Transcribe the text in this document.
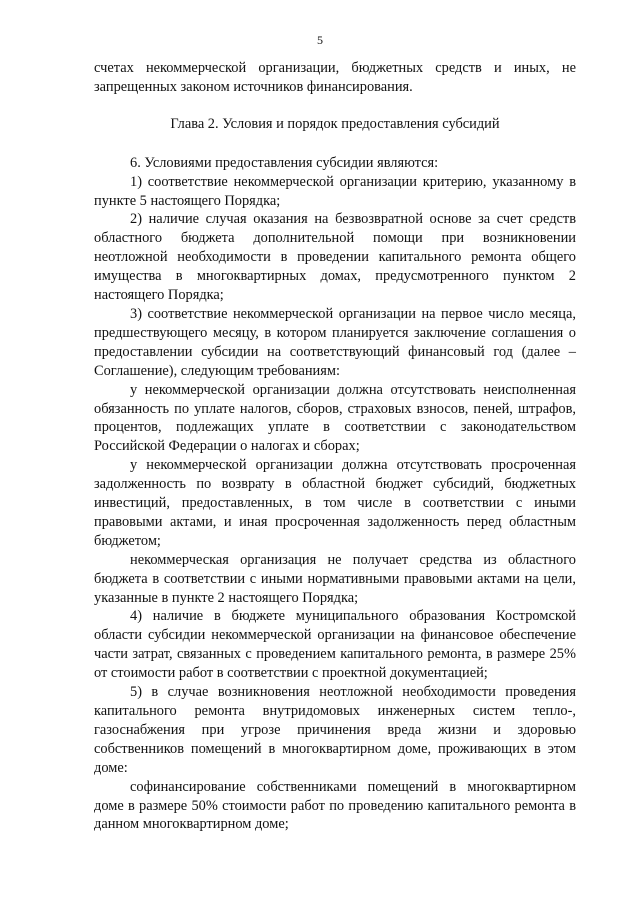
5

счетах некоммерческой организации, бюджетных средств и иных, не запрещенных законом источников финансирования.

Глава 2. Условия и порядок предоставления субсидий

6. Условиями предоставления субсидии являются:

1) соответствие некоммерческой организации критерию, указанному в пункте 5 настоящего Порядка;

2) наличие случая оказания на безвозвратной основе за счет средств областного бюджета дополнительной помощи при возникновении неотложной необходимости в проведении капитального ремонта общего имущества в многоквартирных домах, предусмотренного пунктом 2 настоящего Порядка;

3) соответствие некоммерческой организации на первое число месяца, предшествующего месяцу, в котором планируется заключение соглашения о предоставлении субсидии на соответствующий финансовый год (далее – Соглашение), следующим требованиям:

у некоммерческой организации должна отсутствовать неисполненная обязанность по уплате налогов, сборов, страховых взносов, пеней, штрафов, процентов, подлежащих уплате в соответствии с законодательством Российской Федерации о налогах и сборах;

у некоммерческой организации должна отсутствовать просроченная задолженность по возврату в областной бюджет субсидий, бюджетных инвестиций, предоставленных, в том числе в соответствии с иными правовыми актами, и иная просроченная задолженность перед областным бюджетом;

некоммерческая организация не получает средства из областного бюджета в соответствии с иными нормативными правовыми актами на цели, указанные в пункте 2 настоящего Порядка;

4) наличие в бюджете муниципального образования Костромской области субсидии некоммерческой организации на финансовое обеспечение части затрат, связанных с проведением капитального ремонта, в размере 25% от стоимости работ в соответствии с проектной документацией;

5) в случае возникновения неотложной необходимости проведения капитального ремонта внутридомовых инженерных систем тепло-, газоснабжения при угрозе причинения вреда жизни и здоровью собственников помещений в многоквартирном доме, проживающих в этом доме:

софинансирование собственниками помещений в многоквартирном доме в размере 50% стоимости работ по проведению капитального ремонта в данном многоквартирном доме;
